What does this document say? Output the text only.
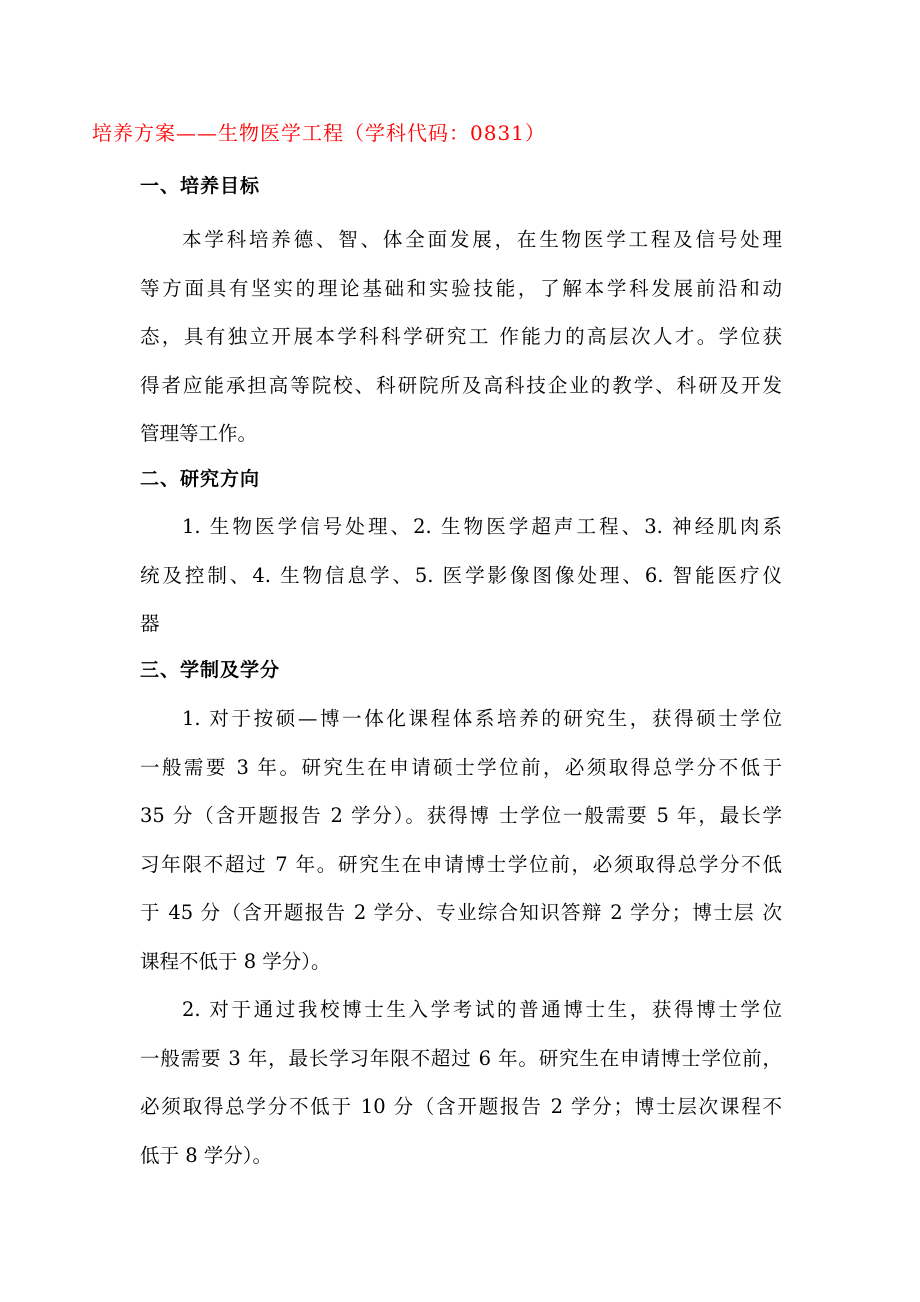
培养方案——生物医学工程（学科代码：0831）
一、培养目标
本学科培养德、智、体全面发展，在生物医学工程及信号处理
等方面具有坚实的理论基础和实验技能，了解本学科发展前沿和动
态，具有独立开展本学科科学研究工 作能力的高层次人才。学位获
得者应能承担高等院校、科研院所及高科技企业的教学、科研及开发
管理等工作。
二、研究方向
1. 生物医学信号处理、2. 生物医学超声工程、3. 神经肌肉系
统及控制、4. 生物信息学、5. 医学影像图像处理、6. 智能医疗仪
器
三、学制及学分
1. 对于按硕—博一体化课程体系培养的研究生，获得硕士学位
一般需要 3 年。研究生在申请硕士学位前，必须取得总学分不低于
35 分（含开题报告 2 学分）。获得博 士学位一般需要 5 年，最长学
习年限不超过 7 年。研究生在申请博士学位前，必须取得总学分不低
于 45 分（含开题报告 2 学分、专业综合知识答辩 2 学分；博士层 次
课程不低于 8 学分）。
2. 对于通过我校博士生入学考试的普通博士生，获得博士学位
一般需要 3 年，最长学习年限不超过 6 年。研究生在申请博士学位前，
必须取得总学分不低于 10 分（含开题报告 2 学分；博士层次课程不
低于 8 学分）。
